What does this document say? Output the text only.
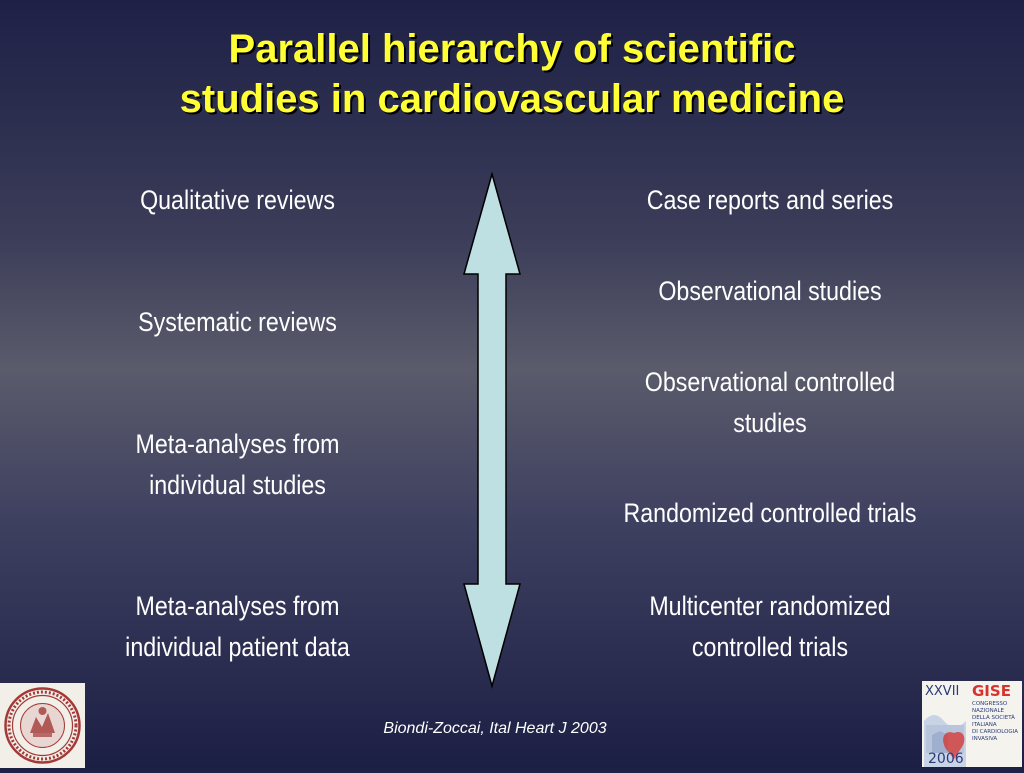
Parallel hierarchy of scientific
studies in cardiovascular medicine
Qualitative reviews
Systematic reviews
Meta-analyses from
individual studies
Meta-analyses from
individual patient data
Case reports and series
Observational studies
Observational controlled
studies
Randomized controlled trials
Multicenter randomized
controlled trials
Biondi-Zoccai, Ital Heart J 2003
XXVII GISE
CONGRESSO
NAZIONALE
DELLA SOCIETÀ
ITALIANA
DI CARDIOLOGIA
INVASIVA
2006
